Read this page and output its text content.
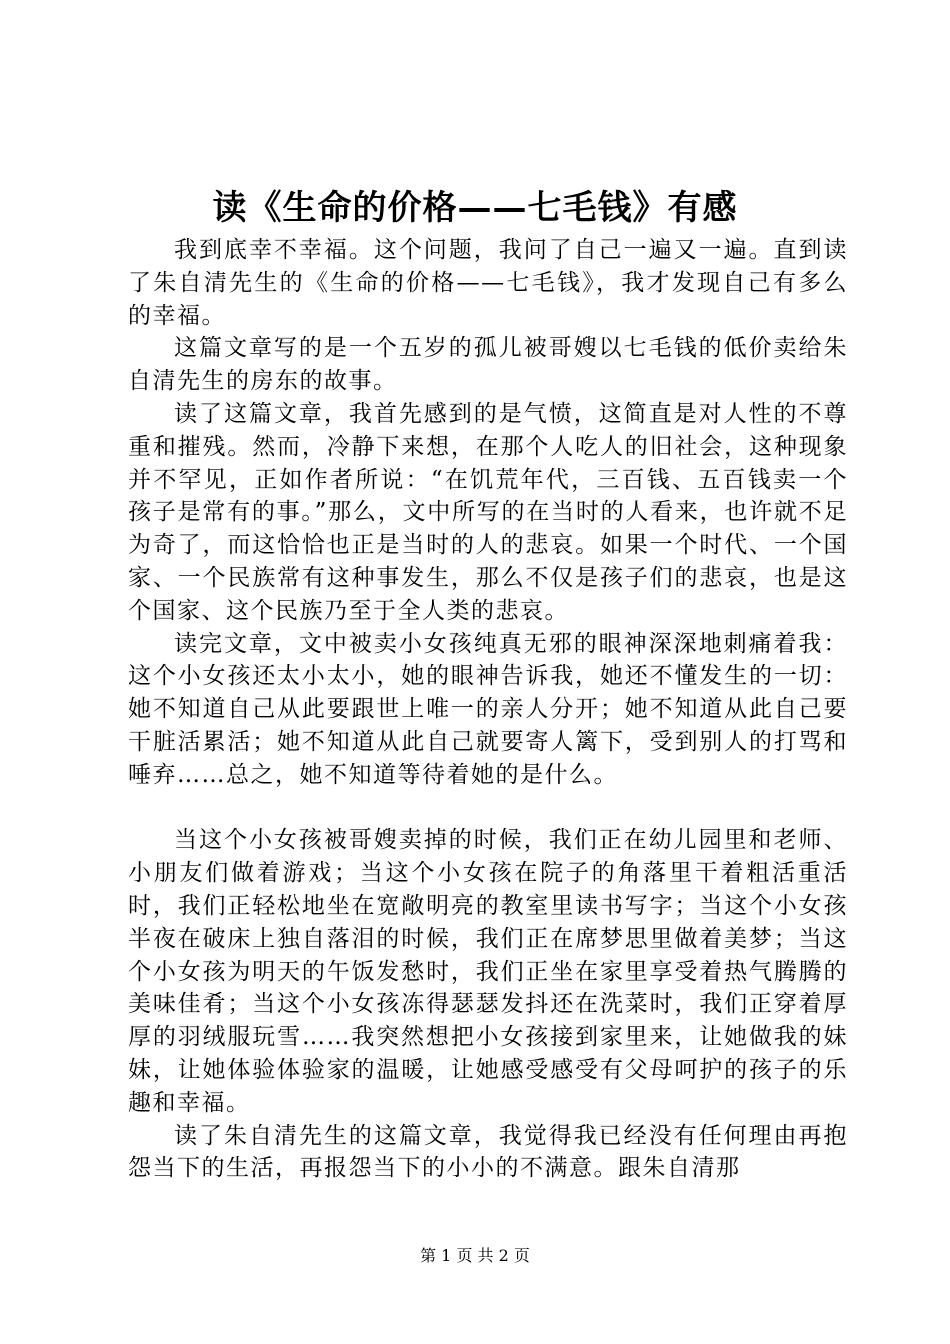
读《生命的价格——七毛钱》有感

我到底幸不幸福。这个问题，我问了自己一遍又一遍。直到读了朱自清先生的《生命的价格——七毛钱》，我才发现自己有多么的幸福。

这篇文章写的是一个五岁的孤儿被哥嫂以七毛钱的低价卖给朱自清先生的房东的故事。

读了这篇文章，我首先感到的是气愤，这简直是对人性的不尊重和摧残。然而，冷静下来想，在那个人吃人的旧社会，这种现象并不罕见，正如作者所说：“在饥荒年代，三百钱、五百钱卖一个孩子是常有的事。”那么，文中所写的在当时的人看来，也许就不足为奇了，而这恰恰也正是当时的人的悲哀。如果一个时代、一个国家、一个民族常有这种事发生，那么不仅是孩子们的悲哀，也是这个国家、这个民族乃至于全人类的悲哀。

读完文章，文中被卖小女孩纯真无邪的眼神深深地刺痛着我：这个小女孩还太小太小，她的眼神告诉我，她还不懂发生的一切：她不知道自己从此要跟世上唯一的亲人分开；她不知道从此自己要干脏活累活；她不知道从此自己就要寄人篱下，受到别人的打骂和唾弃……总之，她不知道等待着她的是什么。

当这个小女孩被哥嫂卖掉的时候，我们正在幼儿园里和老师、小朋友们做着游戏；当这个小女孩在院子的角落里干着粗活重活时，我们正轻松地坐在宽敞明亮的教室里读书写字；当这个小女孩半夜在破床上独自落泪的时候，我们正在席梦思里做着美梦；当这个小女孩为明天的午饭发愁时，我们正坐在家里享受着热气腾腾的美味佳肴；当这个小女孩冻得瑟瑟发抖还在洗菜时，我们正穿着厚厚的羽绒服玩雪……我突然想把小女孩接到家里来，让她做我的妹妹，让她体验体验家的温暖，让她感受感受有父母呵护的孩子的乐趣和幸福。

读了朱自清先生的这篇文章，我觉得我已经没有任何理由再抱怨当下的生活，再报怨当下的小小的不满意。跟朱自清那

第 1 页 共 2 页
